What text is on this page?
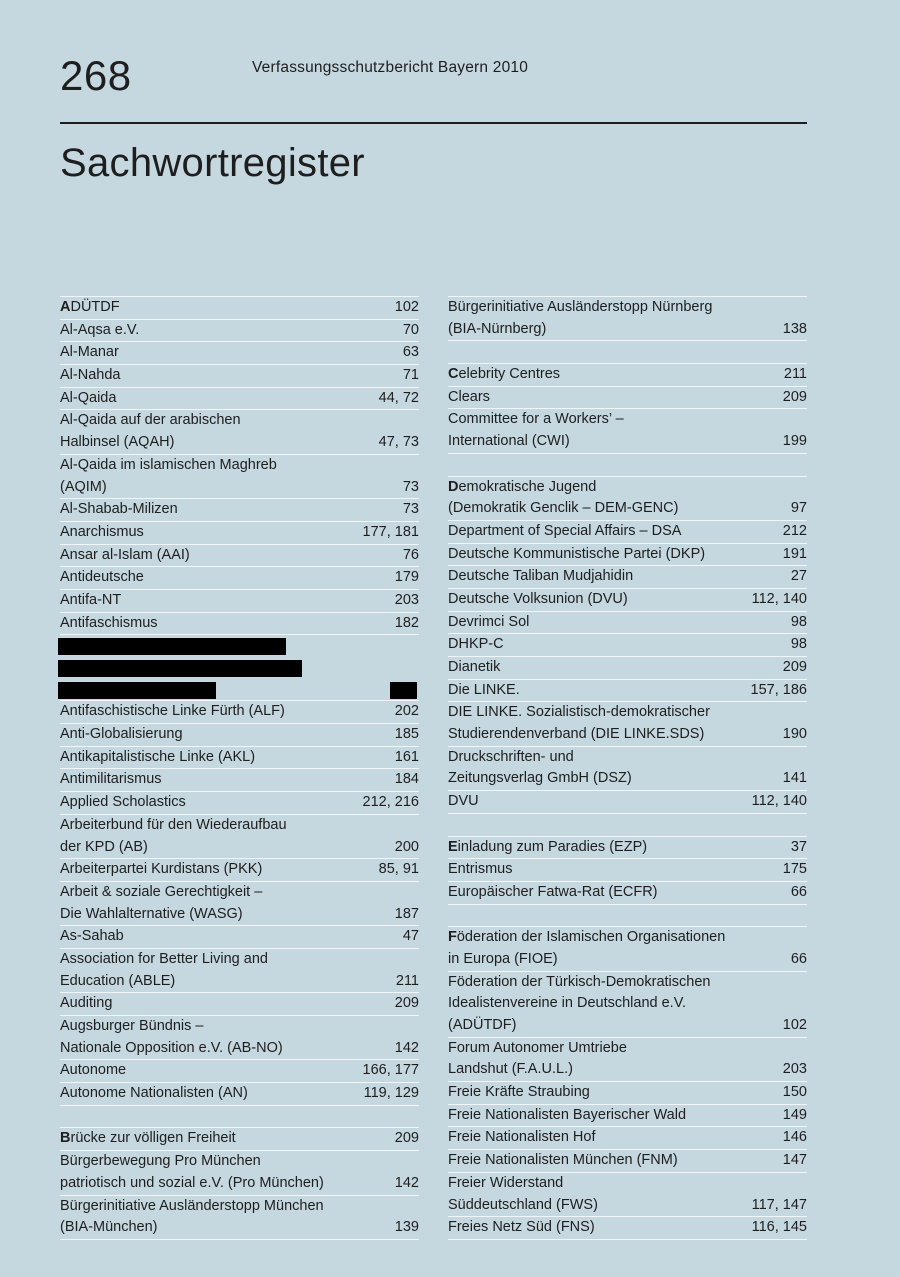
268	Verfassungsschutzbericht Bayern 2010
Sachwortregister
ADÜTDF	102
Al-Aqsa e.V.	70
Al-Manar	63
Al-Nahda	71
Al-Qaida	44, 72
Al-Qaida auf der arabischen
Halbinsel (AQAH)	47, 73
Al-Qaida im islamischen Maghreb
(AQIM)	73
Al-Shabab-Milizen	73
Anarchismus	177, 181
Ansar al-Islam (AAI)	76
Antideutsche	179
Antifa-NT	203
Antifaschismus	182
Antifaschistische Linke Fürth (ALF)	202
Anti-Globalisierung	185
Antikapitalistische Linke (AKL)	161
Antimilitarismus	184
Applied Scholastics	212, 216
Arbeiterbund für den Wiederaufbau
der KPD (AB)	200
Arbeiterpartei Kurdistans (PKK)	85, 91
Arbeit & soziale Gerechtigkeit –
Die Wahlalternative (WASG)	187
As-Sahab	47
Association for Better Living and
Education (ABLE)	211
Auditing	209
Augsburger Bündnis –
Nationale Opposition e.V. (AB-NO)	142
Autonome	166, 177
Autonome Nationalisten (AN)	119, 129
Brücke zur völligen Freiheit	209
Bürgerbewegung Pro München
patriotisch und sozial e.V. (Pro München)	142
Bürgerinitiative Ausländerstopp München
(BIA-München)	139
Bürgerinitiative Ausländerstopp Nürnberg
(BIA-Nürnberg)	138
Celebrity Centres	211
Clears	209
Committee for a Workers’ –
International (CWI)	199
Demokratische Jugend
(Demokratik Genclik – DEM-GENC)	97
Department of Special Affairs – DSA	212
Deutsche Kommunistische Partei (DKP)	191
Deutsche Taliban Mudjahidin	27
Deutsche Volksunion (DVU)	112, 140
Devrimci Sol	98
DHKP-C	98
Dianetik	209
Die LINKE.	157, 186
DIE LINKE. Sozialistisch-demokratischer
Studierendenverband (DIE LINKE.SDS)	190
Druckschriften- und
Zeitungsverlag GmbH (DSZ)	141
DVU	112, 140
Einladung zum Paradies (EZP)	37
Entrismus	175
Europäischer Fatwa-Rat (ECFR)	66
Föderation der Islamischen Organisationen
in Europa (FIOE)	66
Föderation der Türkisch-Demokratischen
Idealistenvereine in Deutschland e.V.
(ADÜTDF)	102
Forum Autonomer Umtriebe
Landshut (F.A.U.L.)	203
Freie Kräfte Straubing	150
Freie Nationalisten Bayerischer Wald	149
Freie Nationalisten Hof	146
Freie Nationalisten München (FNM)	147
Freier Widerstand
Süddeutschland (FWS)	117, 147
Freies Netz Süd (FNS)	116, 145
